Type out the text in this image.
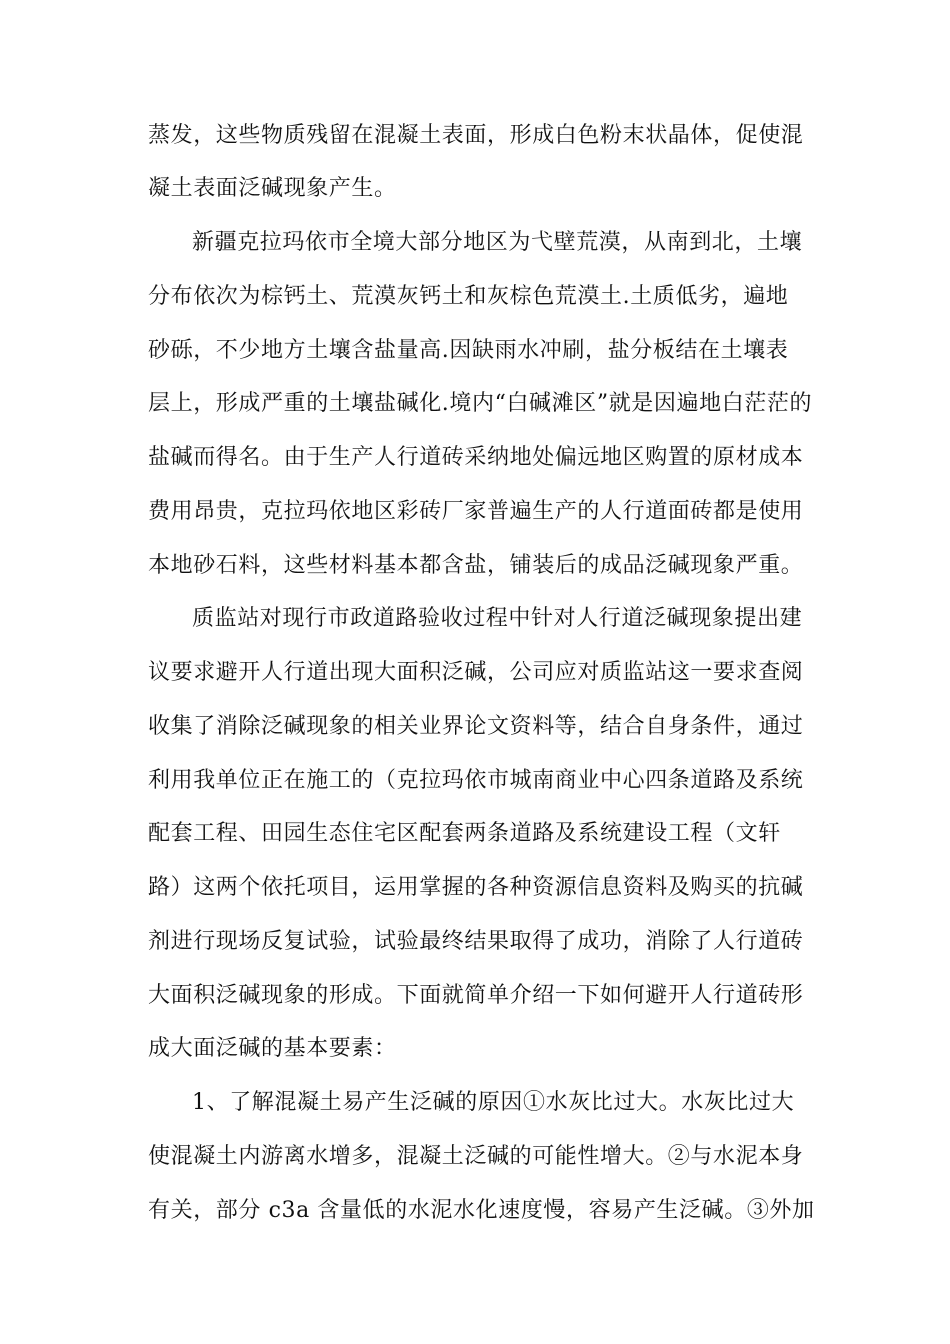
蒸发，这些物质残留在混凝土表面，形成白色粉末状晶体，促使混
凝土表面泛碱现象产生。
新疆克拉玛依市全境大部分地区为弋壁荒漠，从南到北，土壤
分布依次为棕钙土、荒漠灰钙土和灰棕色荒漠土.土质低劣，遍地
砂砾，不少地方土壤含盐量高.因缺雨水冲刷，盐分板结在土壤表
层上，形成严重的土壤盐碱化.境内“白碱滩区”就是因遍地白茫茫的
盐碱而得名。由于生产人行道砖采纳地处偏远地区购置的原材成本
费用昂贵，克拉玛依地区彩砖厂家普遍生产的人行道面砖都是使用
本地砂石料，这些材料基本都含盐，铺装后的成品泛碱现象严重。
质监站对现行市政道路验收过程中针对人行道泛碱现象提出建
议要求避开人行道出现大面积泛碱，公司应对质监站这一要求查阅
收集了消除泛碱现象的相关业界论文资料等，结合自身条件，通过
利用我单位正在施工的（克拉玛依市城南商业中心四条道路及系统
配套工程、田园生态住宅区配套两条道路及系统建设工程（文轩
路）这两个依托项目，运用掌握的各种资源信息资料及购买的抗碱
剂进行现场反复试验，试验最终结果取得了成功，消除了人行道砖
大面积泛碱现象的形成。下面就简单介绍一下如何避开人行道砖形
成大面泛碱的基本要素：
1、了解混凝土易产生泛碱的原因①水灰比过大。水灰比过大
使混凝土内游离水增多，混凝土泛碱的可能性增大。②与水泥本身
有关，部分 c3a 含量低的水泥水化速度慢，容易产生泛碱。③外加
